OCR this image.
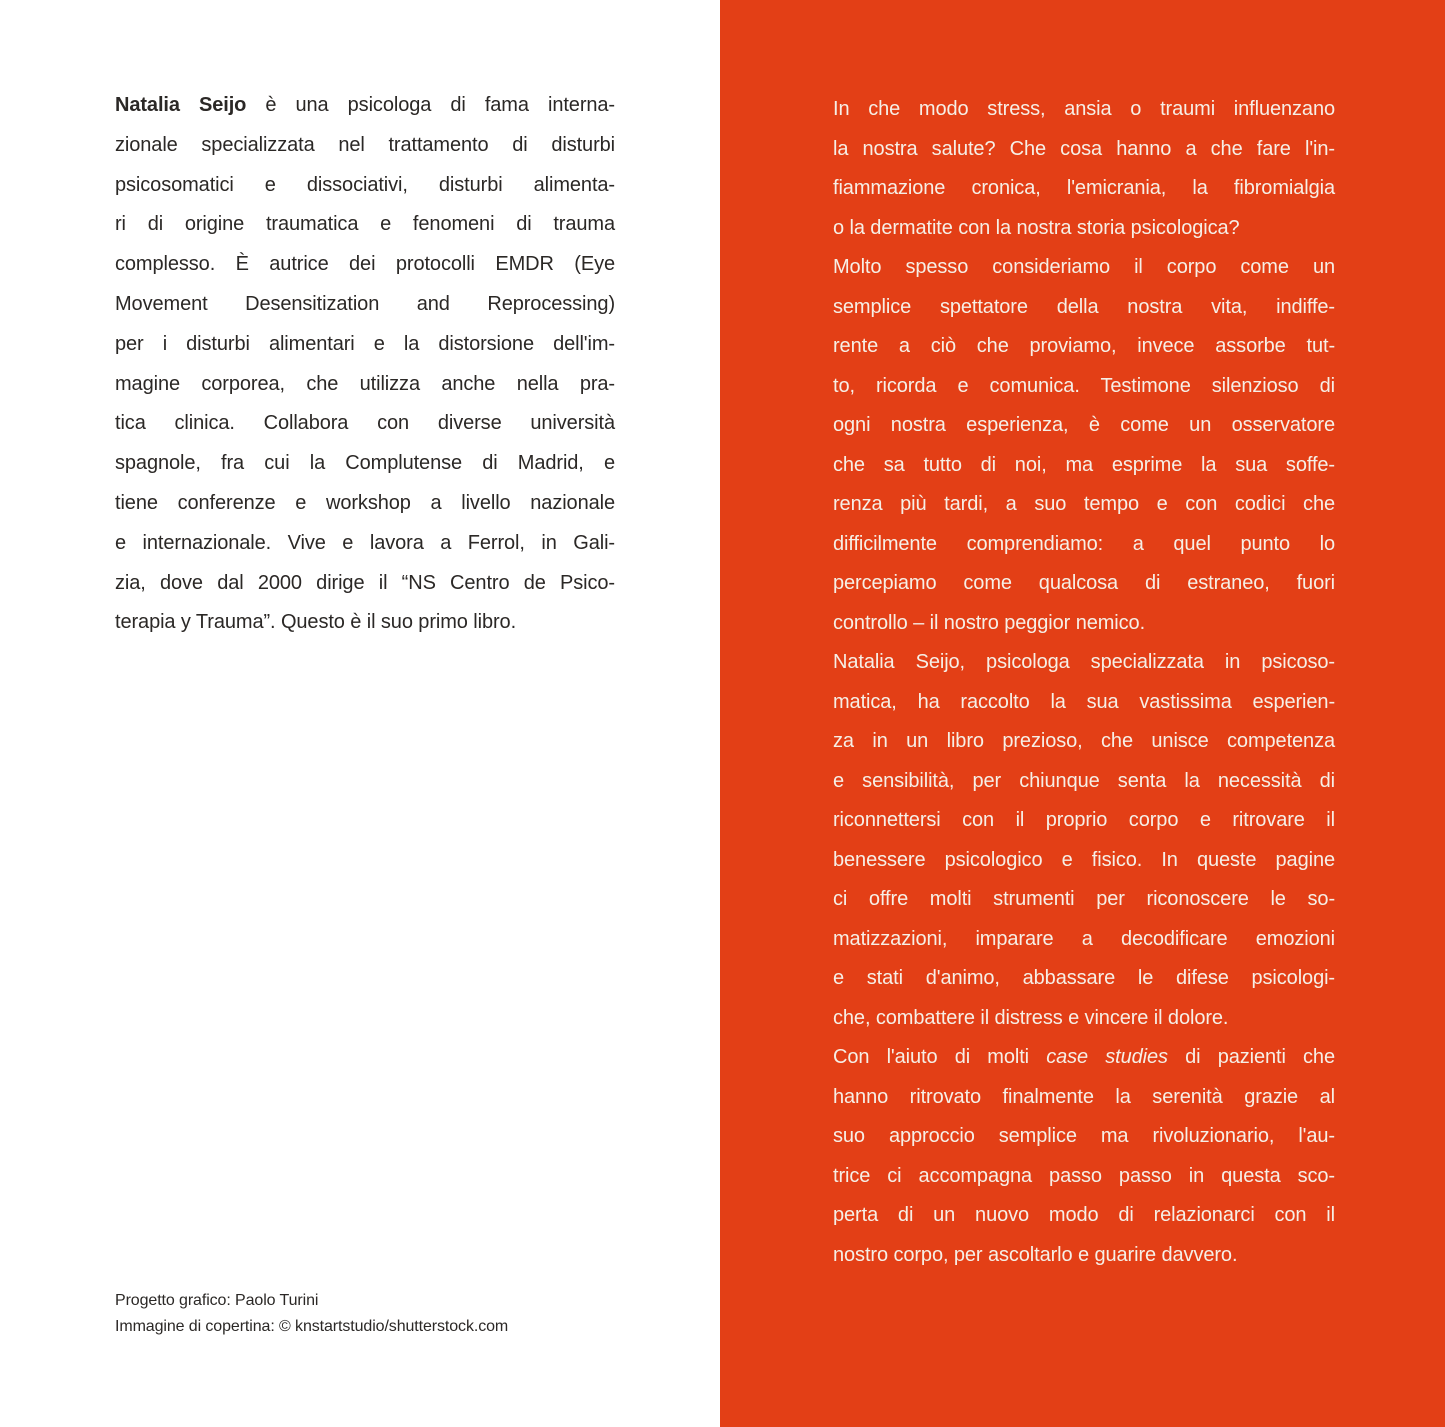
Natalia Seijo è una psicologa di fama interna-
zionale specializzata nel trattamento di disturbi
psicosomatici e dissociativi, disturbi alimenta-
ri di origine traumatica e fenomeni di trauma
complesso. È autrice dei protocolli EMDR (Eye
Movement Desensitization and Reprocessing)
per i disturbi alimentari e la distorsione dell'im-
magine corporea, che utilizza anche nella pra-
tica clinica. Collabora con diverse università
spagnole, fra cui la Complutense di Madrid, e
tiene conferenze e workshop a livello nazionale
e internazionale. Vive e lavora a Ferrol, in Gali-
zia, dove dal 2000 dirige il “NS Centro de Psico-
terapia y Trauma”. Questo è il suo primo libro.
Progetto grafico: Paolo Turini
Immagine di copertina: © knstartstudio/shutterstock.com
In che modo stress, ansia o traumi influenzano
la nostra salute? Che cosa hanno a che fare l'in-
fiammazione cronica, l'emicrania, la fibromialgia
o la dermatite con la nostra storia psicologica?
Molto spesso consideriamo il corpo come un
semplice spettatore della nostra vita, indiffe-
rente a ciò che proviamo, invece assorbe tut-
to, ricorda e comunica. Testimone silenzioso di
ogni nostra esperienza, è come un osservatore
che sa tutto di noi, ma esprime la sua soffe-
renza più tardi, a suo tempo e con codici che
difficilmente comprendiamo: a quel punto lo
percepiamo come qualcosa di estraneo, fuori
controllo – il nostro peggior nemico.
Natalia Seijo, psicologa specializzata in psicoso-
matica, ha raccolto la sua vastissima esperien-
za in un libro prezioso, che unisce competenza
e sensibilità, per chiunque senta la necessità di
riconnettersi con il proprio corpo e ritrovare il
benessere psicologico e fisico. In queste pagine
ci offre molti strumenti per riconoscere le so-
matizzazioni, imparare a decodificare emozioni
e stati d'animo, abbassare le difese psicologi-
che, combattere il distress e vincere il dolore.
Con l'aiuto di molti case studies di pazienti che
hanno ritrovato finalmente la serenità grazie al
suo approccio semplice ma rivoluzionario, l'au-
trice ci accompagna passo passo in questa sco-
perta di un nuovo modo di relazionarci con il
nostro corpo, per ascoltarlo e guarire davvero.
